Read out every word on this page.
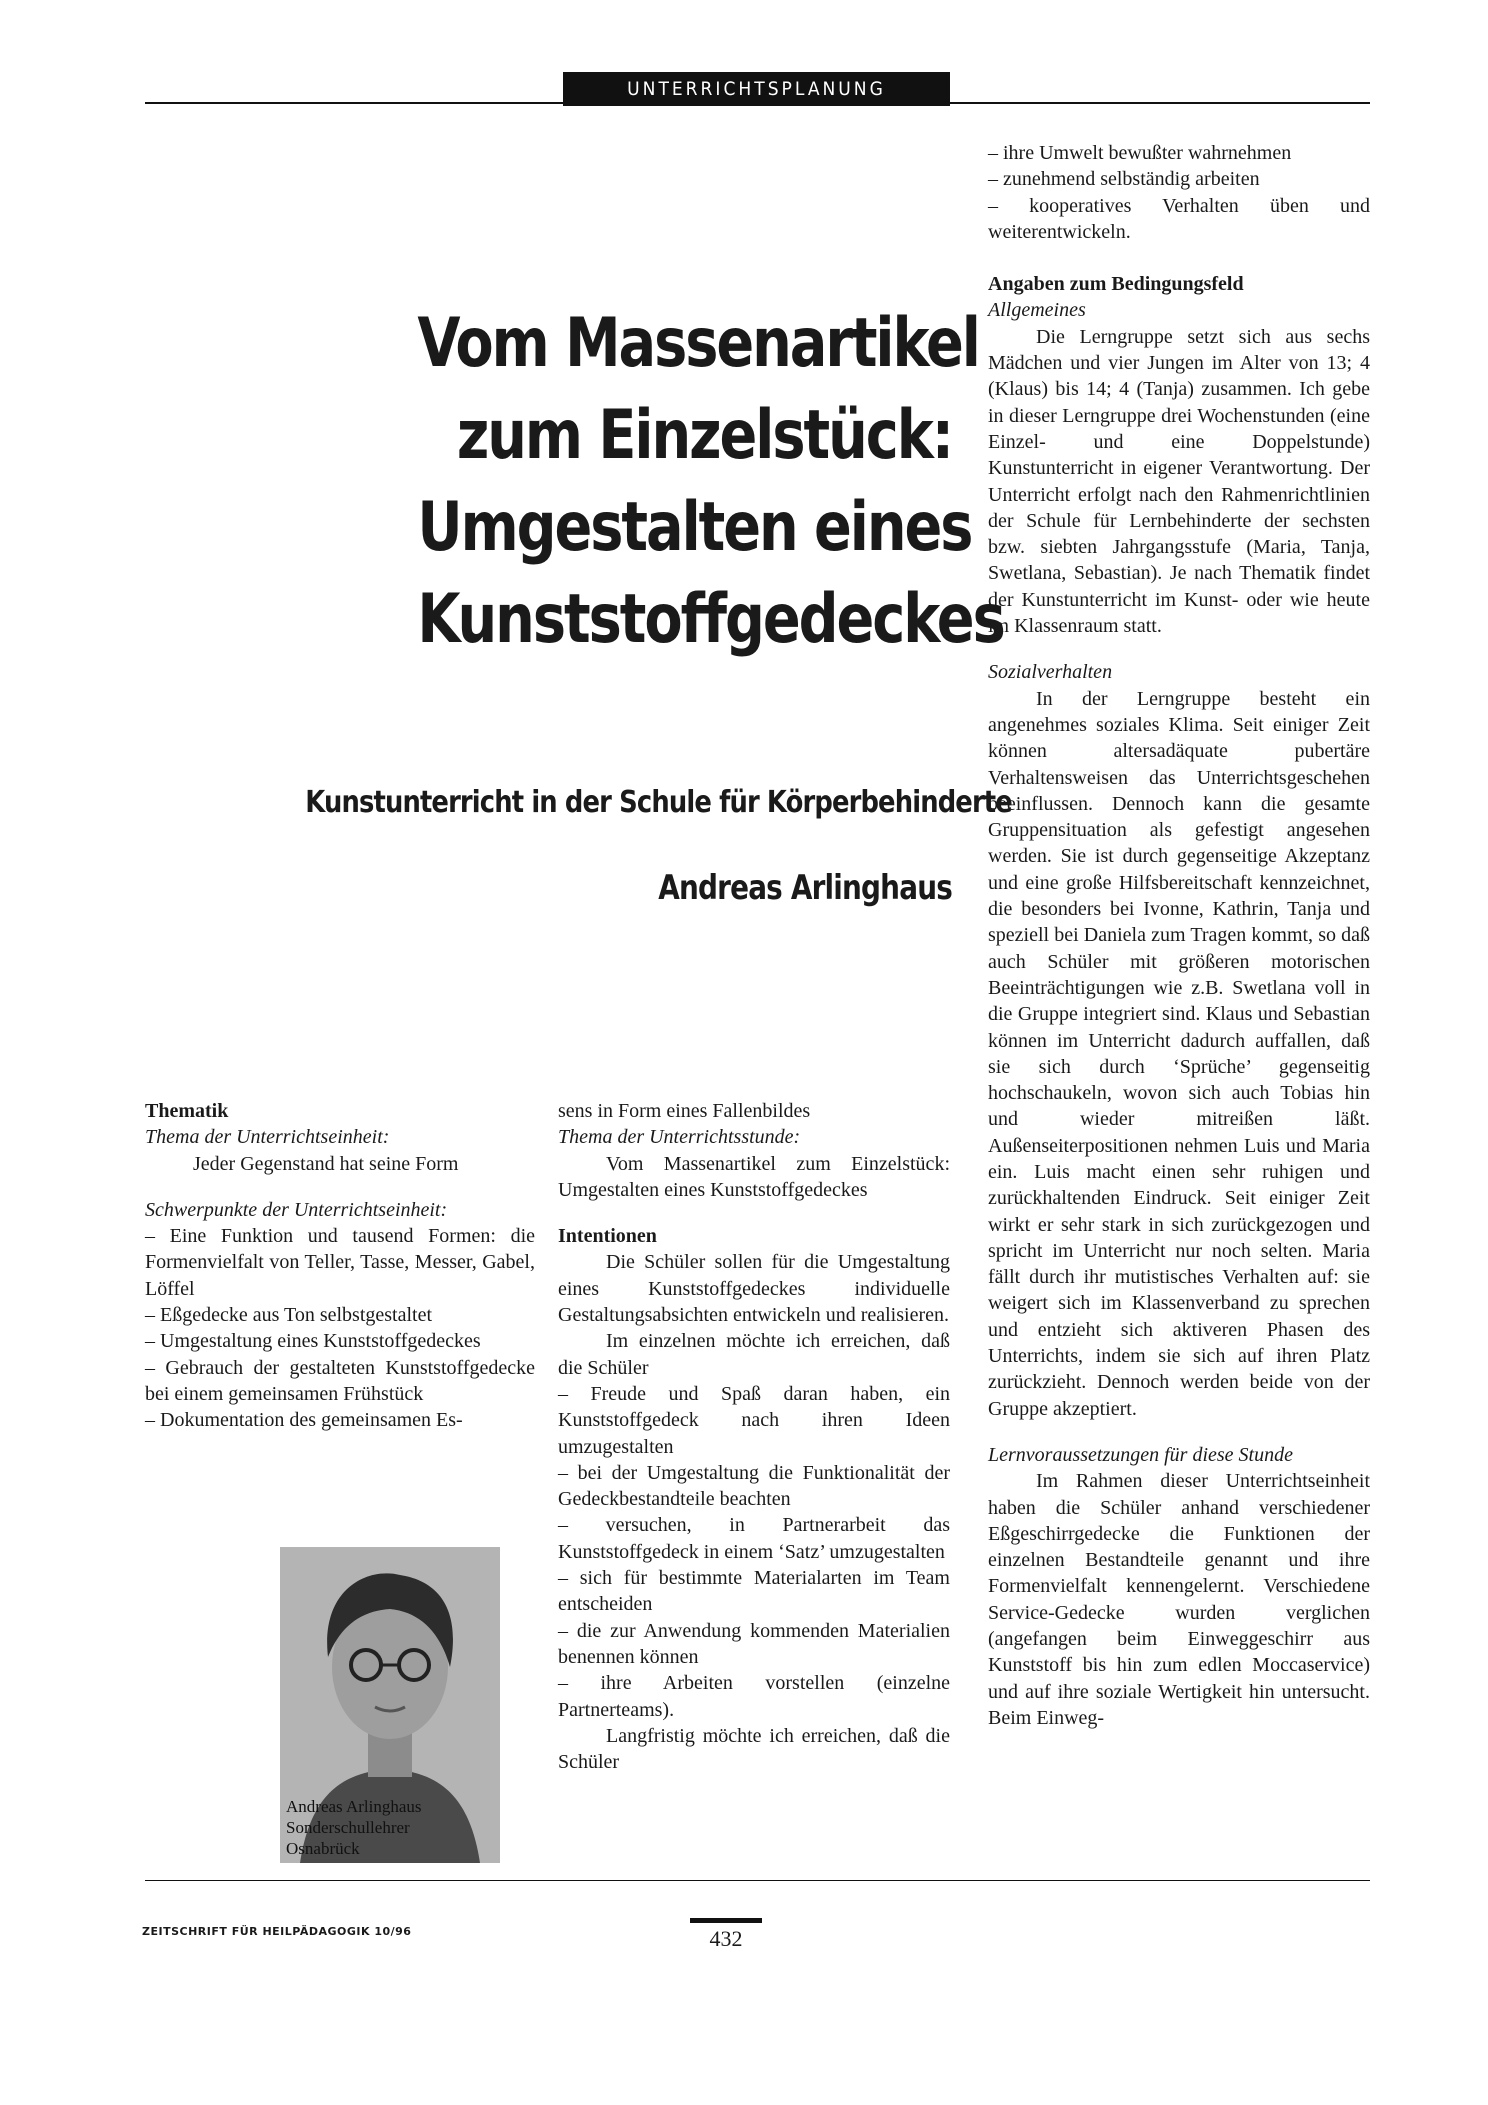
UNTERRICHTSPLANUNG
Vom Massenartikel
zum Einzelstück:
Umgestalten eines
Kunststoffgedeckes
Kunstunterricht in der Schule für Körperbehinderte
Andreas Arlinghaus

Thematik

Thema der Unterrichtseinheit:

Jeder Gegenstand hat seine Form

Schwerpunkte der Unterrichtseinheit:

– Eine Funktion und tausend Formen: die Formenvielfalt von Teller, Tasse, Messer, Gabel, Löffel

– Eßgedecke aus Ton selbstgestaltet

– Umgestaltung eines Kunststoffgedeckes

– Gebrauch der gestalteten Kunststoffgedecke bei einem gemeinsamen Frühstück

– Dokumentation des gemeinsamen Es-

Andreas Arlinghaus
Sonderschullehrer
Osnabrück

sens in Form eines Fallenbildes

Thema der Unterrichtsstunde:

Vom Massenartikel zum Einzelstück: Umgestalten eines Kunststoffgedeckes

Intentionen

Die Schüler sollen für die Umgestaltung eines Kunststoffgedeckes individuelle Gestaltungsabsichten entwickeln und realisieren.

Im einzelnen möchte ich erreichen, daß die Schüler

– Freude und Spaß daran haben, ein Kunststoffgedeck nach ihren Ideen umzugestalten

– bei der Umgestaltung die Funktionalität der Gedeckbestandteile beachten

– versuchen, in Partnerarbeit das Kunststoffgedeck in einem ‘Satz’ umzugestalten

– sich für bestimmte Materialarten im Team entscheiden

– die zur Anwendung kommenden Materialien benennen können

– ihre Arbeiten vorstellen (einzelne Partnerteams).

Langfristig möchte ich erreichen, daß die Schüler

– ihre Umwelt bewußter wahrnehmen

– zunehmend selbständig arbeiten

– kooperatives Verhalten üben und weiterentwickeln.

Angaben zum Bedingungsfeld

Allgemeines

Die Lerngruppe setzt sich aus sechs Mädchen und vier Jungen im Alter von 13; 4 (Klaus) bis 14; 4 (Tanja) zusammen. Ich gebe in dieser Lerngruppe drei Wochenstunden (eine Einzel- und eine Doppelstunde) Kunstunterricht in eigener Verantwortung. Der Unterricht erfolgt nach den Rahmenrichtlinien der Schule für Lernbehinderte der sechsten bzw. siebten Jahrgangsstufe (Maria, Tanja, Swetlana, Sebastian). Je nach Thematik findet der Kunstunterricht im Kunst- oder wie heute im Klassenraum statt.

Sozialverhalten

In der Lerngruppe besteht ein angenehmes soziales Klima. Seit einiger Zeit können altersadäquate pubertäre Verhaltensweisen das Unterrichtsgeschehen beeinflussen. Dennoch kann die gesamte Gruppensituation als gefestigt angesehen werden. Sie ist durch gegenseitige Akzeptanz und eine große Hilfsbereitschaft kennzeichnet, die besonders bei Ivonne, Kathrin, Tanja und speziell bei Daniela zum Tragen kommt, so daß auch Schüler mit größeren motorischen Beeinträchtigungen wie z.B. Swetlana voll in die Gruppe integriert sind. Klaus und Sebastian können im Unterricht dadurch auffallen, daß sie sich durch ‘Sprüche’ gegenseitig hochschaukeln, wovon sich auch Tobias hin und wieder mitreißen läßt. Außenseiterpositionen nehmen Luis und Maria ein. Luis macht einen sehr ruhigen und zurückhaltenden Eindruck. Seit einiger Zeit wirkt er sehr stark in sich zurückgezogen und spricht im Unterricht nur noch selten. Maria fällt durch ihr mutistisches Verhalten auf: sie weigert sich im Klassenverband zu sprechen und entzieht sich aktiveren Phasen des Unterrichts, indem sie sich auf ihren Platz zurückzieht. Dennoch werden beide von der Gruppe akzeptiert.

Lernvoraussetzungen für diese Stunde

Im Rahmen dieser Unterrichtseinheit haben die Schüler anhand verschiedener Eßgeschirrgedecke die Funktionen der einzelnen Bestandteile genannt und ihre Formenvielfalt kennengelernt. Verschiedene Service-Gedecke wurden verglichen (angefangen beim Einweggeschirr aus Kunststoff bis hin zum edlen Moccaservice) und auf ihre soziale Wertigkeit hin untersucht. Beim Einweg-

ZEITSCHRIFT FÜR HEILPÄDAGOGIK 10/96	432
